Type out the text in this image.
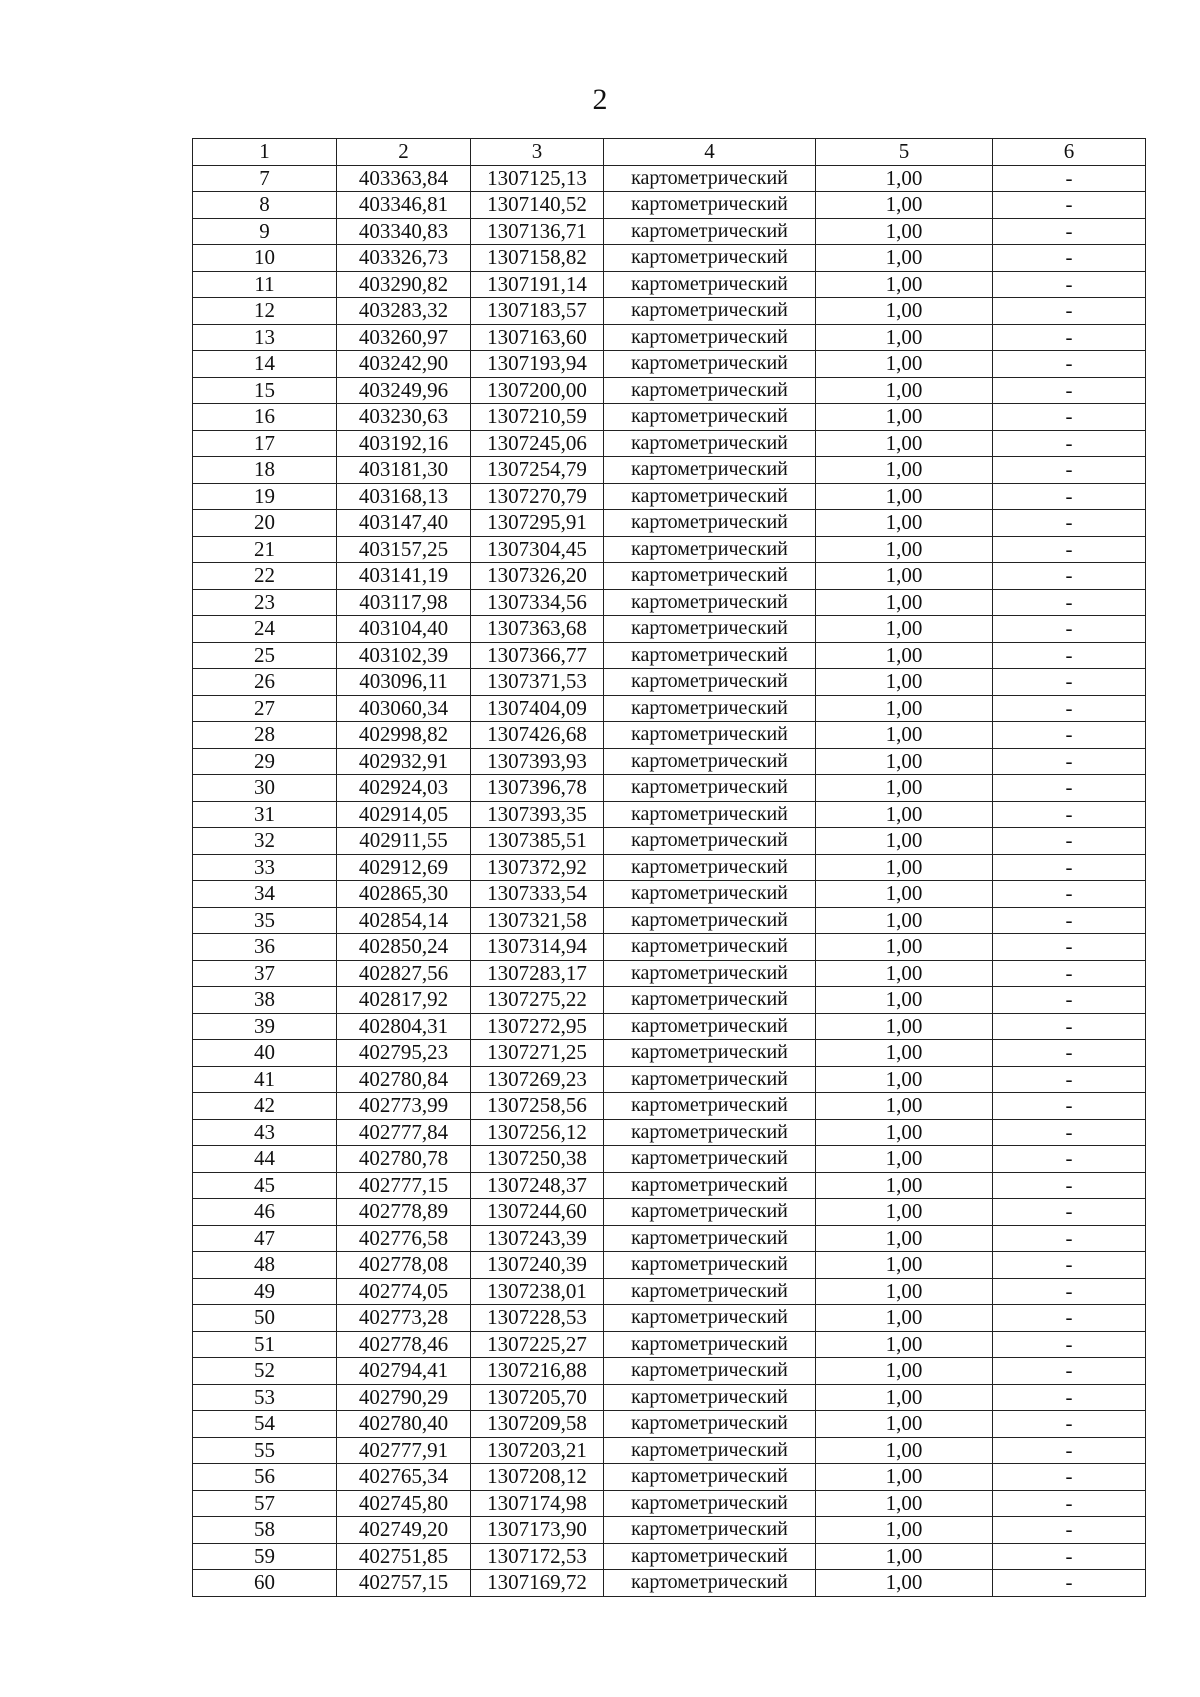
2
1	2	3	4	5	6
7	403363,84	1307125,13	картометрический	1,00	-
8	403346,81	1307140,52	картометрический	1,00	-
9	403340,83	1307136,71	картометрический	1,00	-
10	403326,73	1307158,82	картометрический	1,00	-
11	403290,82	1307191,14	картометрический	1,00	-
12	403283,32	1307183,57	картометрический	1,00	-
13	403260,97	1307163,60	картометрический	1,00	-
14	403242,90	1307193,94	картометрический	1,00	-
15	403249,96	1307200,00	картометрический	1,00	-
16	403230,63	1307210,59	картометрический	1,00	-
17	403192,16	1307245,06	картометрический	1,00	-
18	403181,30	1307254,79	картометрический	1,00	-
19	403168,13	1307270,79	картометрический	1,00	-
20	403147,40	1307295,91	картометрический	1,00	-
21	403157,25	1307304,45	картометрический	1,00	-
22	403141,19	1307326,20	картометрический	1,00	-
23	403117,98	1307334,56	картометрический	1,00	-
24	403104,40	1307363,68	картометрический	1,00	-
25	403102,39	1307366,77	картометрический	1,00	-
26	403096,11	1307371,53	картометрический	1,00	-
27	403060,34	1307404,09	картометрический	1,00	-
28	402998,82	1307426,68	картометрический	1,00	-
29	402932,91	1307393,93	картометрический	1,00	-
30	402924,03	1307396,78	картометрический	1,00	-
31	402914,05	1307393,35	картометрический	1,00	-
32	402911,55	1307385,51	картометрический	1,00	-
33	402912,69	1307372,92	картометрический	1,00	-
34	402865,30	1307333,54	картометрический	1,00	-
35	402854,14	1307321,58	картометрический	1,00	-
36	402850,24	1307314,94	картометрический	1,00	-
37	402827,56	1307283,17	картометрический	1,00	-
38	402817,92	1307275,22	картометрический	1,00	-
39	402804,31	1307272,95	картометрический	1,00	-
40	402795,23	1307271,25	картометрический	1,00	-
41	402780,84	1307269,23	картометрический	1,00	-
42	402773,99	1307258,56	картометрический	1,00	-
43	402777,84	1307256,12	картометрический	1,00	-
44	402780,78	1307250,38	картометрический	1,00	-
45	402777,15	1307248,37	картометрический	1,00	-
46	402778,89	1307244,60	картометрический	1,00	-
47	402776,58	1307243,39	картометрический	1,00	-
48	402778,08	1307240,39	картометрический	1,00	-
49	402774,05	1307238,01	картометрический	1,00	-
50	402773,28	1307228,53	картометрический	1,00	-
51	402778,46	1307225,27	картометрический	1,00	-
52	402794,41	1307216,88	картометрический	1,00	-
53	402790,29	1307205,70	картометрический	1,00	-
54	402780,40	1307209,58	картометрический	1,00	-
55	402777,91	1307203,21	картометрический	1,00	-
56	402765,34	1307208,12	картометрический	1,00	-
57	402745,80	1307174,98	картометрический	1,00	-
58	402749,20	1307173,90	картометрический	1,00	-
59	402751,85	1307172,53	картометрический	1,00	-
60	402757,15	1307169,72	картометрический	1,00	-
